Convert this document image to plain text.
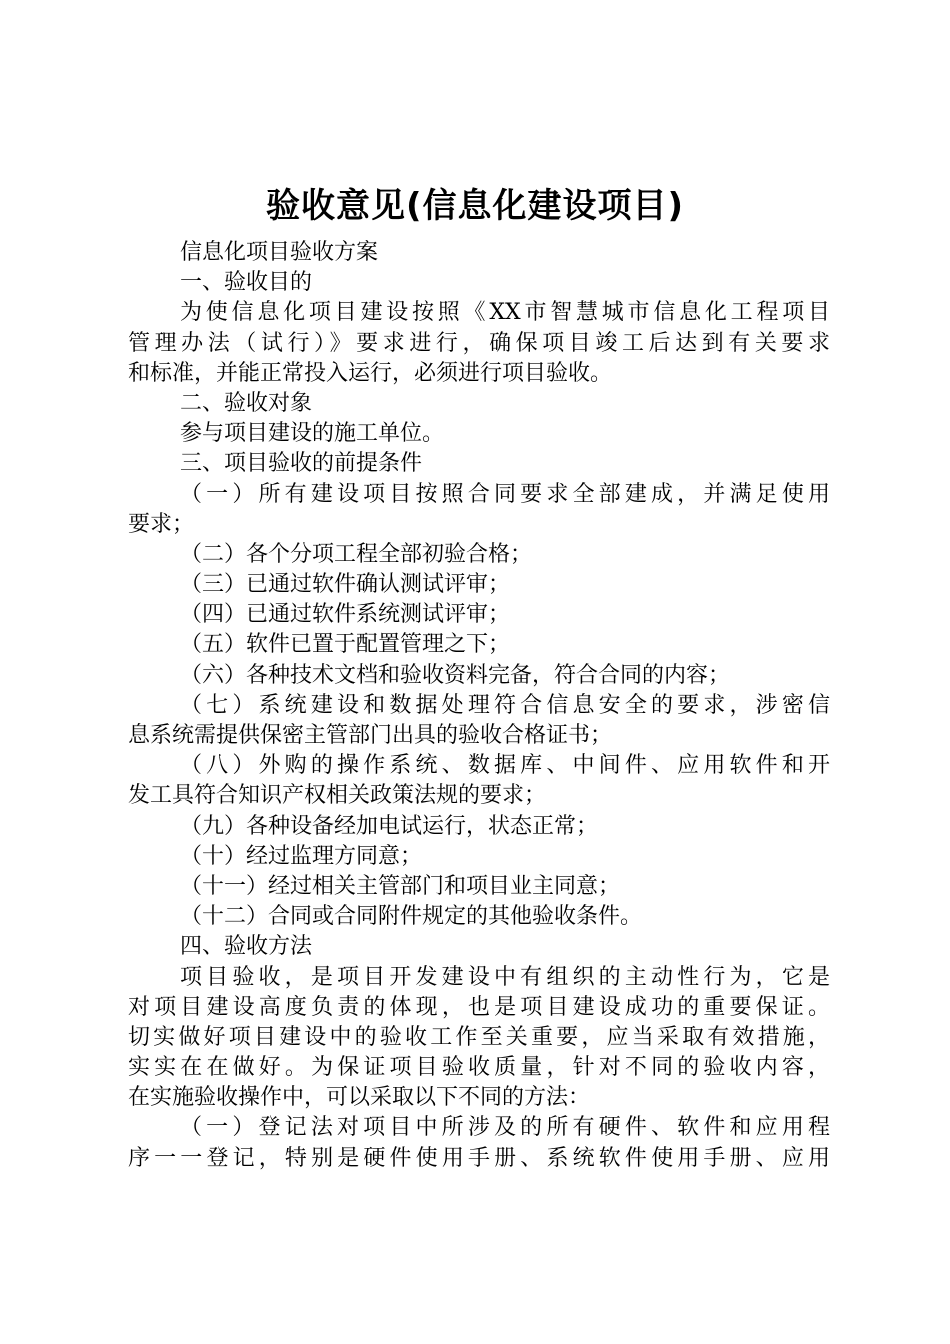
验收意见(信息化建设项目)
信息化项目验收方案
一、验收目的
为使信息化项目建设按照《XX市智慧城市信息化工程项目
管理办法（试行）》要求进行，确保项目竣工后达到有关要求
和标准，并能正常投入运行，必须进行项目验收。
二、验收对象
参与项目建设的施工单位。
三、项目验收的前提条件
（一）所有建设项目按照合同要求全部建成，并满足使用
要求；
（二）各个分项工程全部初验合格；
（三）已通过软件确认测试评审；
（四）已通过软件系统测试评审；
（五）软件已置于配置管理之下；
（六）各种技术文档和验收资料完备，符合合同的内容；
（七）系统建设和数据处理符合信息安全的要求，涉密信
息系统需提供保密主管部门出具的验收合格证书；
（八）外购的操作系统、数据库、中间件、应用软件和开
发工具符合知识产权相关政策法规的要求；
（九）各种设备经加电试运行，状态正常；
（十）经过监理方同意；
（十一）经过相关主管部门和项目业主同意；
（十二）合同或合同附件规定的其他验收条件。
四、验收方法
项目验收，是项目开发建设中有组织的主动性行为，它是
对项目建设高度负责的体现，也是项目建设成功的重要保证。
切实做好项目建设中的验收工作至关重要，应当采取有效措施，
实实在在做好。为保证项目验收质量，针对不同的验收内容，
在实施验收操作中，可以采取以下不同的方法：
（一）登记法对项目中所涉及的所有硬件、软件和应用程
序一一登记，特别是硬件使用手册、系统软件使用手册、应用
